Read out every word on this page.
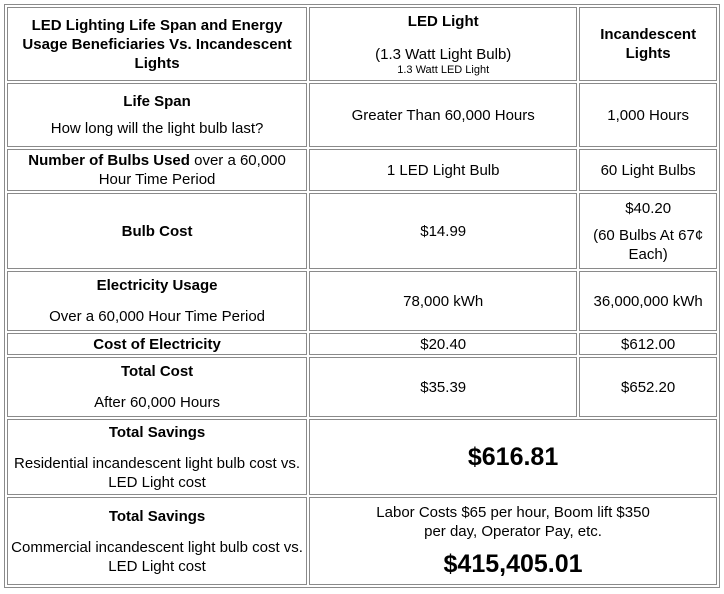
LED Lighting Life Span and Energy Usage Beneficiaries Vs. Incandescent Lights	LED Light
(1.3 Watt Light Bulb)
1.3 Watt LED Light	Incandescent Lights

Life Span
How long will the light bulb last?	Greater Than 60,000 Hours	1,000 Hours
Number of Bulbs Used over a 60,000 Hour Time Period	1 LED Light Bulb	60 Light Bulbs
Bulb Cost	$14.99	$40.20
(60 Bulbs At 67¢ Each)

Electricity Usage
Over a 60,000 Hour Time Period	78,000 kWh	36,000,000 kWh
Cost of Electricity	$20.40	$612.00

Total Cost
After 60,000 Hours	$35.39	$652.20

Total Savings
Residential incandescent light bulb cost vs. LED Light cost	$616.81	

Total Savings
Commercial incandescent light bulb cost vs. LED Light cost	Labor Costs $65 per hour, Boom lift $350 per day, Operator Pay, etc.
$415,405.01	
